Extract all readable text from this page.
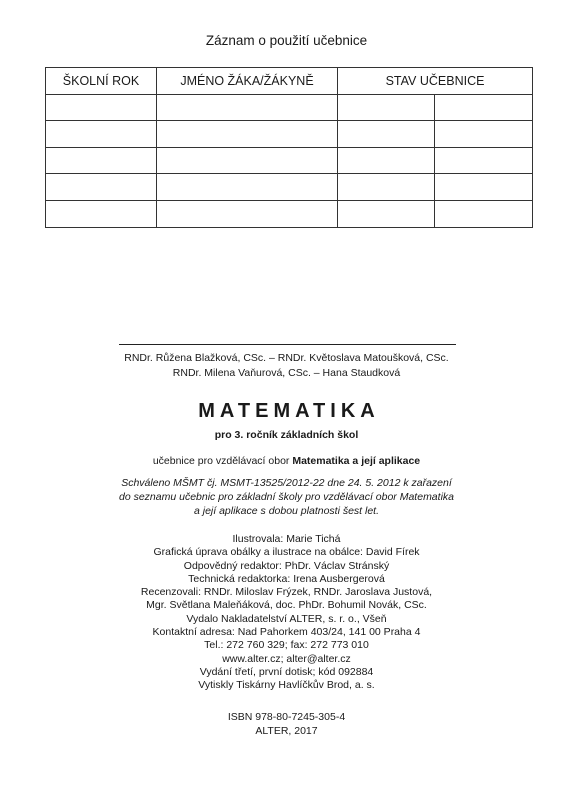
Záznam o použití učebnice
ŠKOLNÍ ROK	JMÉNO ŽÁKA/ŽÁKYNĚ	STAV UČEBNICE	

RNDr. Růžena Blažková, CSc. – RNDr. Květoslava Matoušková, CSc.
RNDr. Milena Vaňurová, CSc. – Hana Staudková
MATEMATIKA
pro 3. ročník základních škol
učebnice pro vzdělávací obor Matematika a její aplikace
Schváleno MŠMT čj. MSMT-13525/2012-22 dne 24. 5. 2012 k zařazení
do seznamu učebnic pro základní školy pro vzdělávací obor Matematika
a její aplikace s dobou platnosti šest let.
Ilustrovala: Marie Tichá
Grafická úprava obálky a ilustrace na obálce: David Fírek
Odpovědný redaktor: PhDr. Václav Stránský
Technická redaktorka: Irena Ausbergerová
Recenzovali: RNDr. Miloslav Frýzek, RNDr. Jaroslava Justová,
Mgr. Světlana Maleňáková, doc. PhDr. Bohumil Novák, CSc.
Vydalo Nakladatelství ALTER, s. r. o., Všeň
Kontaktní adresa: Nad Pahorkem 403/24, 141 00 Praha 4
Tel.: 272 760 329; fax: 272 773 010
www.alter.cz; alter@alter.cz
Vydání třetí, první dotisk; kód 092884
Vytiskly Tiskárny Havlíčkův Brod, a. s.
ISBN 978-80-7245-305-4
ALTER, 2017
